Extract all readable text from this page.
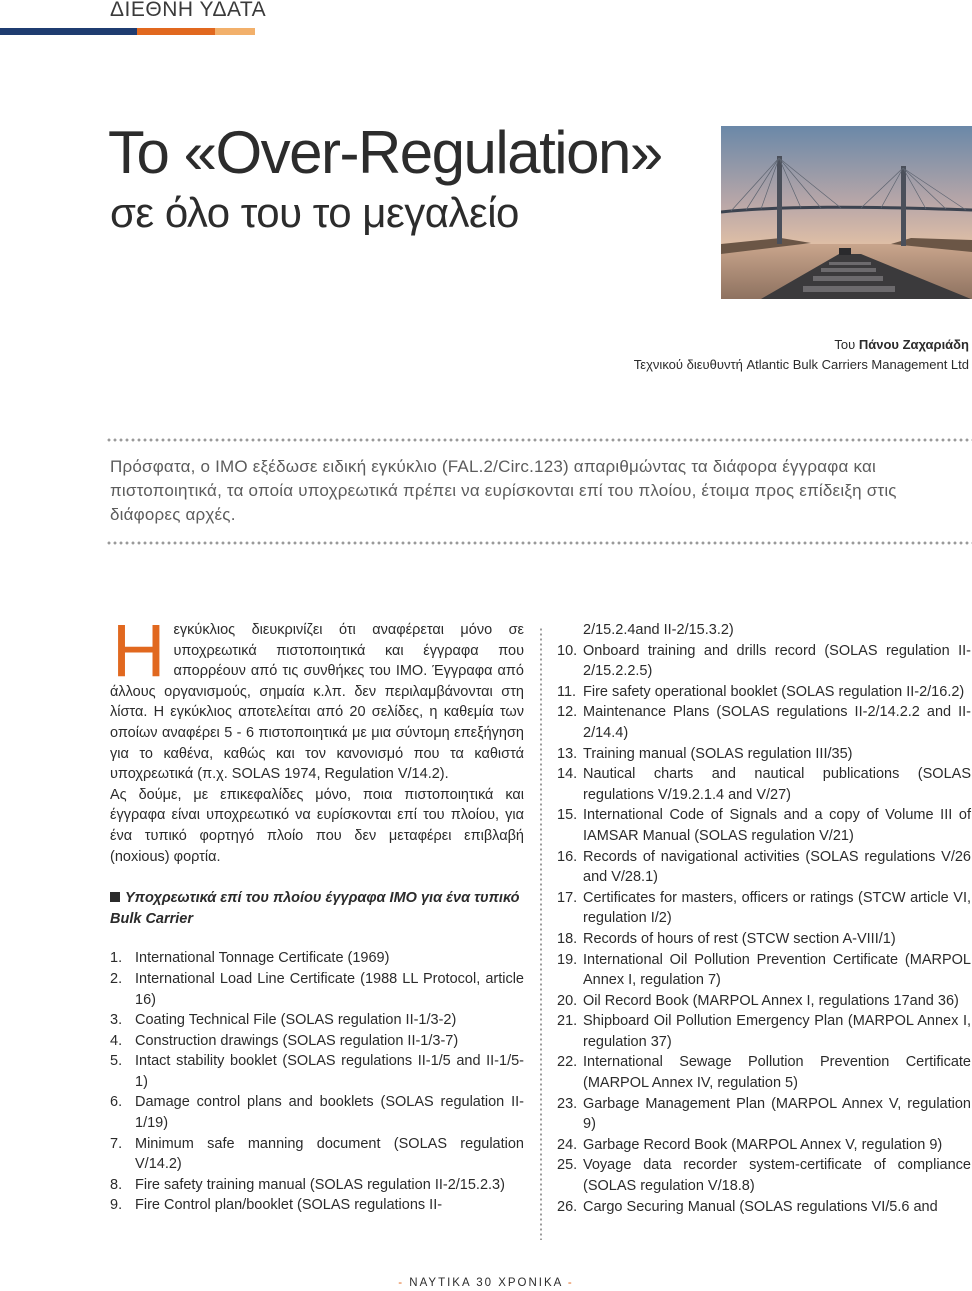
ΔΙΕΘΝΗ ΥΔΑΤΑ
Το «Over-Regulation»
σε όλο του το μεγαλείο
Του Πάνου Ζαχαριάδη
Τεχνικού διευθυντή Atlantic Bulk Carriers Management Ltd
Πρόσφατα, ο ΙΜΟ εξέδωσε ειδική εγκύκλιο (FAL.2/Circ.123) απαριθμώντας τα διάφορα έγγραφα και πιστοποιητικά, τα οποία υποχρεωτικά πρέπει να ευρίσκονται επί του πλοίου, έτοιμα προς επίδειξη στις διάφορες αρχές.

Ηεγκύκλιος διευκρινίζει ότι αναφέρεται μόνο σε υποχρεωτικά πιστοποιητικά και έγγραφα που απορρέουν από τις συνθήκες του ΙΜΟ. Έγγραφα από άλλους οργανισμούς, σημαία κ.λπ. δεν περιλαμβάνονται στη λίστα. Η εγκύκλιος αποτελείται από 20 σελίδες, η καθεμία των οποίων αναφέρει 5 - 6 πιστοποιητικά με μια σύντομη επεξήγηση για το καθένα, καθώς και τον κανονισμό που τα καθιστά υποχρεωτικά (π.χ. SOLAS 1974, Regulation V/14.2).

Ας δούμε, με επικεφαλίδες μόνο, ποια πιστοποιητικά και έγγραφα είναι υποχρεωτικό να ευρίσκονται επί του πλοίου, για ένα τυπικό φορτηγό πλοίο που δεν μεταφέρει επιβλαβή (noxious) φορτία.

Υποχρεωτικά επί του πλοίου έγγραφα ΙΜΟ για ένα τυπικό Bulk Carrier
1. International Tonnage Certificate (1969)
2. International Load Line Certificate (1988 LL Protocol, article 16)
3. Coating Technical File (SOLAS regulation II-1/3-2)
4. Construction drawings (SOLAS regulation II-1/3-7)
5. Intact stability booklet (SOLAS regulations II-1/5 and II-1/5-1)
6. Damage control plans and booklets (SOLAS regulation II-1/19)
7. Minimum safe manning document (SOLAS regulation V/14.2)
8. Fire safety training manual (SOLAS regulation II-2/15.2.3)
9. Fire Control plan/booklet (SOLAS regulations II-
2/15.2.4and II-2/15.3.2)
10. Onboard training and drills record (SOLAS regulation II-2/15.2.2.5)
11. Fire safety operational booklet (SOLAS regulation II-2/16.2)
12. Maintenance Plans (SOLAS regulations II-2/14.2.2 and II-2/14.4)
13. Training manual (SOLAS regulation III/35)
14. Nautical charts and nautical publications (SOLAS regulations V/19.2.1.4 and V/27)
15. International Code of Signals and a copy of Volume III of IAMSAR Manual (SOLAS regulation V/21)
16. Records of navigational activities (SOLAS regulations V/26 and V/28.1)
17. Certificates for masters, officers or ratings (STCW article VI, regulation I/2)
18. Records of hours of rest (STCW section A-VIII/1)
19. International Oil Pollution Prevention Certificate (MARPOL Annex I, regulation 7)
20. Oil Record Book (MARPOL Annex I, regulations 17and 36)
21. Shipboard Oil Pollution Emergency Plan (MARPOL Annex I, regulation 37)
22. International Sewage Pollution Prevention Certificate (MARPOL Annex IV, regulation 5)
23. Garbage Management Plan (MARPOL Annex V, regulation 9)
24. Garbage Record Book (MARPOL Annex V, regulation 9)
25. Voyage data recorder system-certificate of compliance (SOLAS regulation V/18.8)
26. Cargo Securing Manual (SOLAS regulations VI/5.6 and
- ΝΑΥΤΙΚΑ 30 ΧΡΟΝΙΚΑ -
